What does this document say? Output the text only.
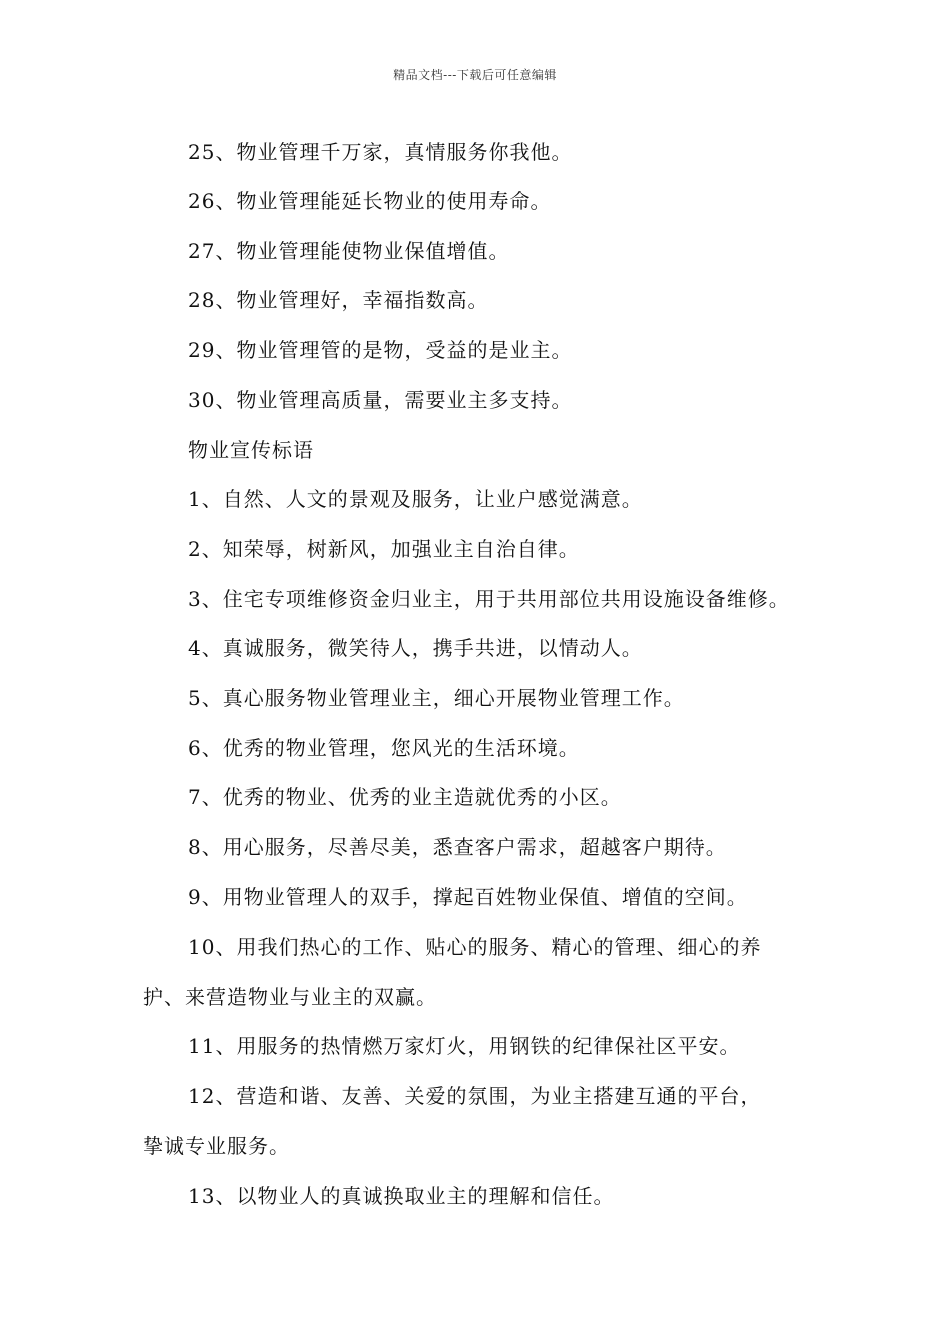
精品文档---下载后可任意编辑
25、物业管理千万家，真情服务你我他。
26、物业管理能延长物业的使用寿命。
27、物业管理能使物业保值增值。
28、物业管理好，幸福指数高。
29、物业管理管的是物，受益的是业主。
30、物业管理高质量，需要业主多支持。
物业宣传标语
1、自然、人文的景观及服务，让业户感觉满意。
2、知荣辱，树新风，加强业主自治自律。
3、住宅专项维修资金归业主，用于共用部位共用设施设备维修。
4、真诚服务，微笑待人，携手共进，以情动人。
5、真心服务物业管理业主，细心开展物业管理工作。
6、优秀的物业管理，您风光的生活环境。
7、优秀的物业、优秀的业主造就优秀的小区。
8、用心服务，尽善尽美，悉查客户需求，超越客户期待。
9、用物业管理人的双手，撑起百姓物业保值、增值的空间。
10、用我们热心的工作、贴心的服务、精心的管理、细心的养
护、来营造物业与业主的双赢。
11、用服务的热情燃万家灯火，用钢铁的纪律保社区平安。
12、营造和谐、友善、关爱的氛围，为业主搭建互通的平台，
挚诚专业服务。
13、以物业人的真诚换取业主的理解和信任。
